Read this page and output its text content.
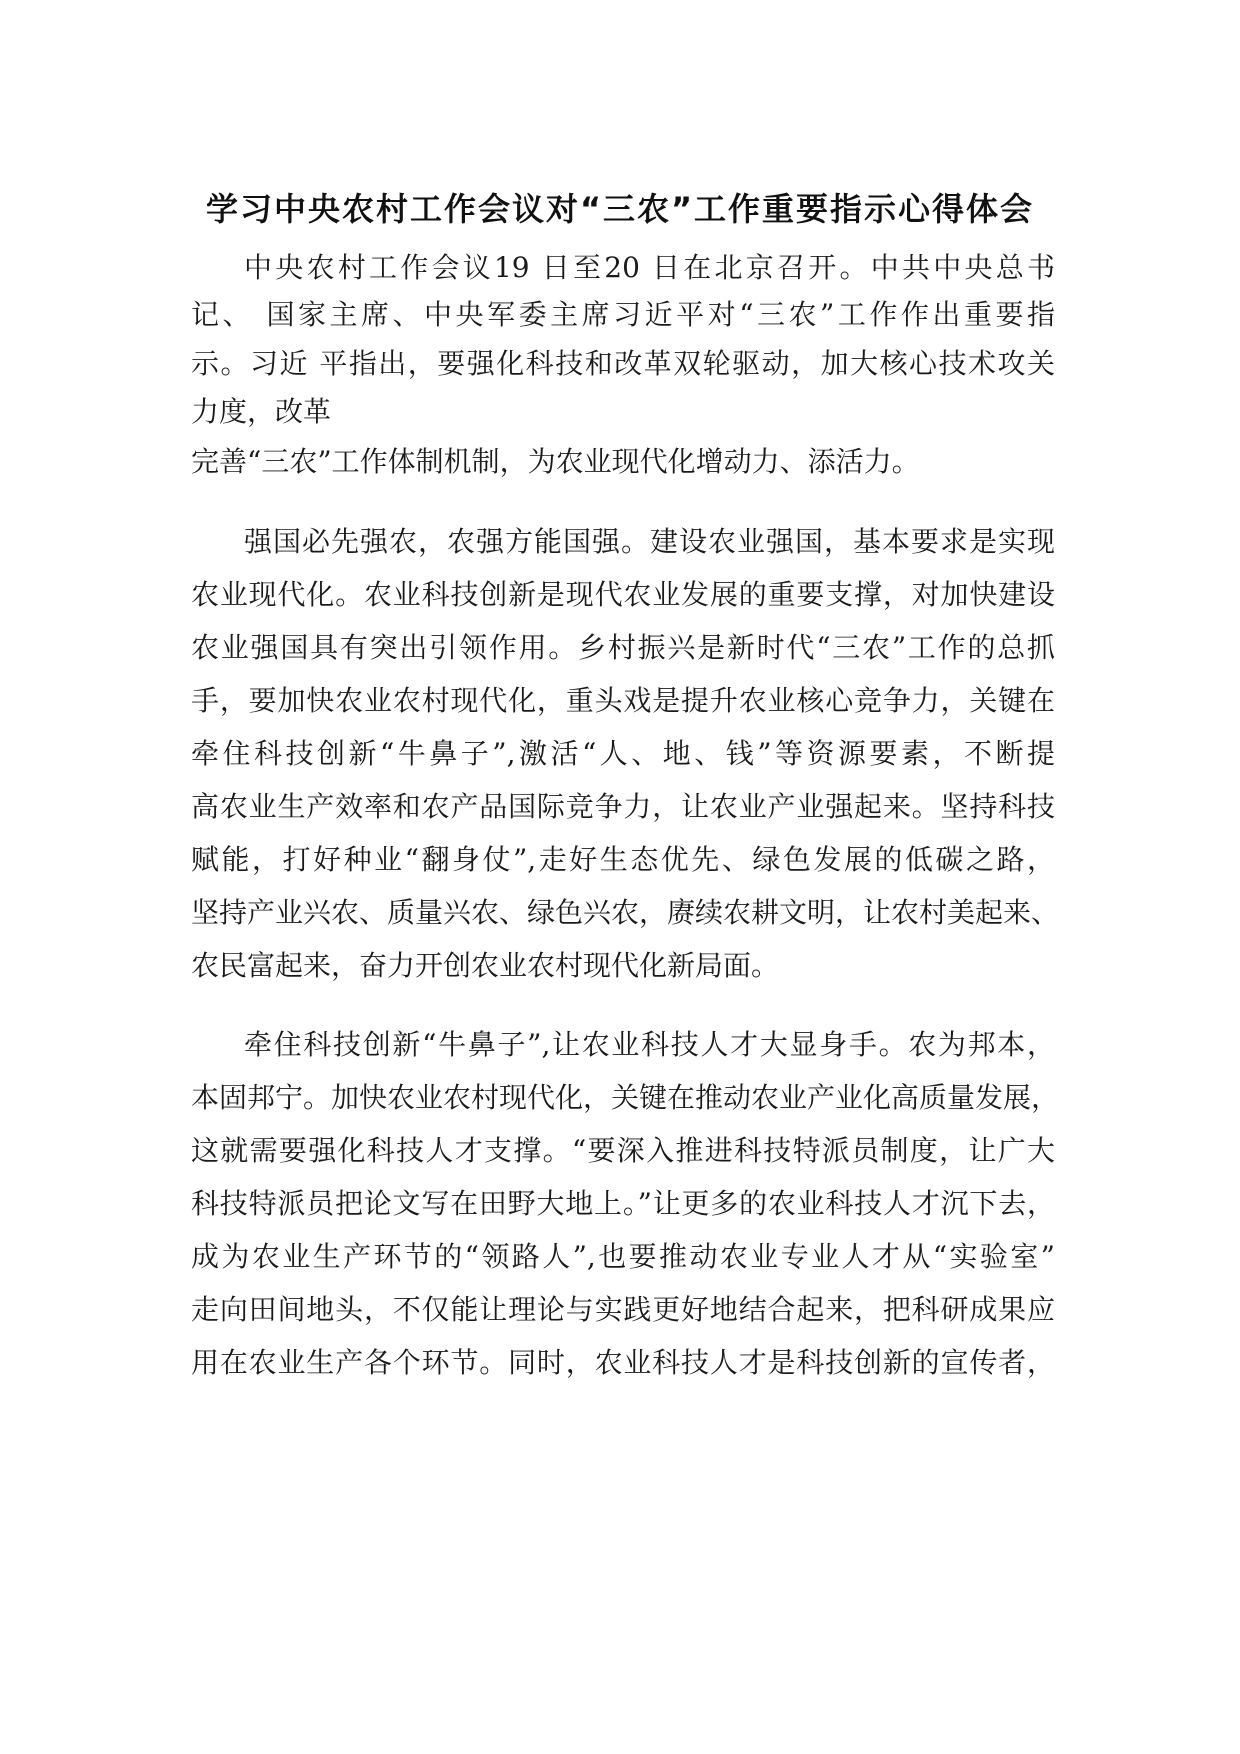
学习中央农村工作会议对“三农”工作重要指示心得体会
中央农村工作会议19 日至20 日在北京召开。中共中央总书
记、 国家主席、中央军委主席习近平对“三农”工作作出重要指
示。习近 平指出，要强化科技和改革双轮驱动，加大核心技术攻关
力度，改革
完善“三农”工作体制机制，为农业现代化增动力、添活力。
强国必先强农，农强方能国强。建设农业强国，基本要求是实现
农业现代化。农业科技创新是现代农业发展的重要支撑，对加快建设
农业强国具有突出引领作用。乡村振兴是新时代“三农”工作的总抓
手，要加快农业农村现代化，重头戏是提升农业核心竞争力，关键在
牵住科技创新“牛鼻子”,激活“人、地、钱”等资源要素，不断提
高农业生产效率和农产品国际竞争力，让农业产业强起来。坚持科技
赋能，打好种业“翻身仗”,走好生态优先、绿色发展的低碳之路，
坚持产业兴农、质量兴农、绿色兴农，赓续农耕文明，让农村美起来、
农民富起来，奋力开创农业农村现代化新局面。
牵住科技创新“牛鼻子”,让农业科技人才大显身手。农为邦本，
本固邦宁。加快农业农村现代化，关键在推动农业产业化高质量发展，
这就需要强化科技人才支撑。“要深入推进科技特派员制度，让广大
科技特派员把论文写在田野大地上。”让更多的农业科技人才沉下去，
成为农业生产环节的“领路人”,也要推动农业专业人才从“实验室”
走向田间地头，不仅能让理论与实践更好地结合起来，把科研成果应
用在农业生产各个环节。同时，农业科技人才是科技创新的宣传者，
